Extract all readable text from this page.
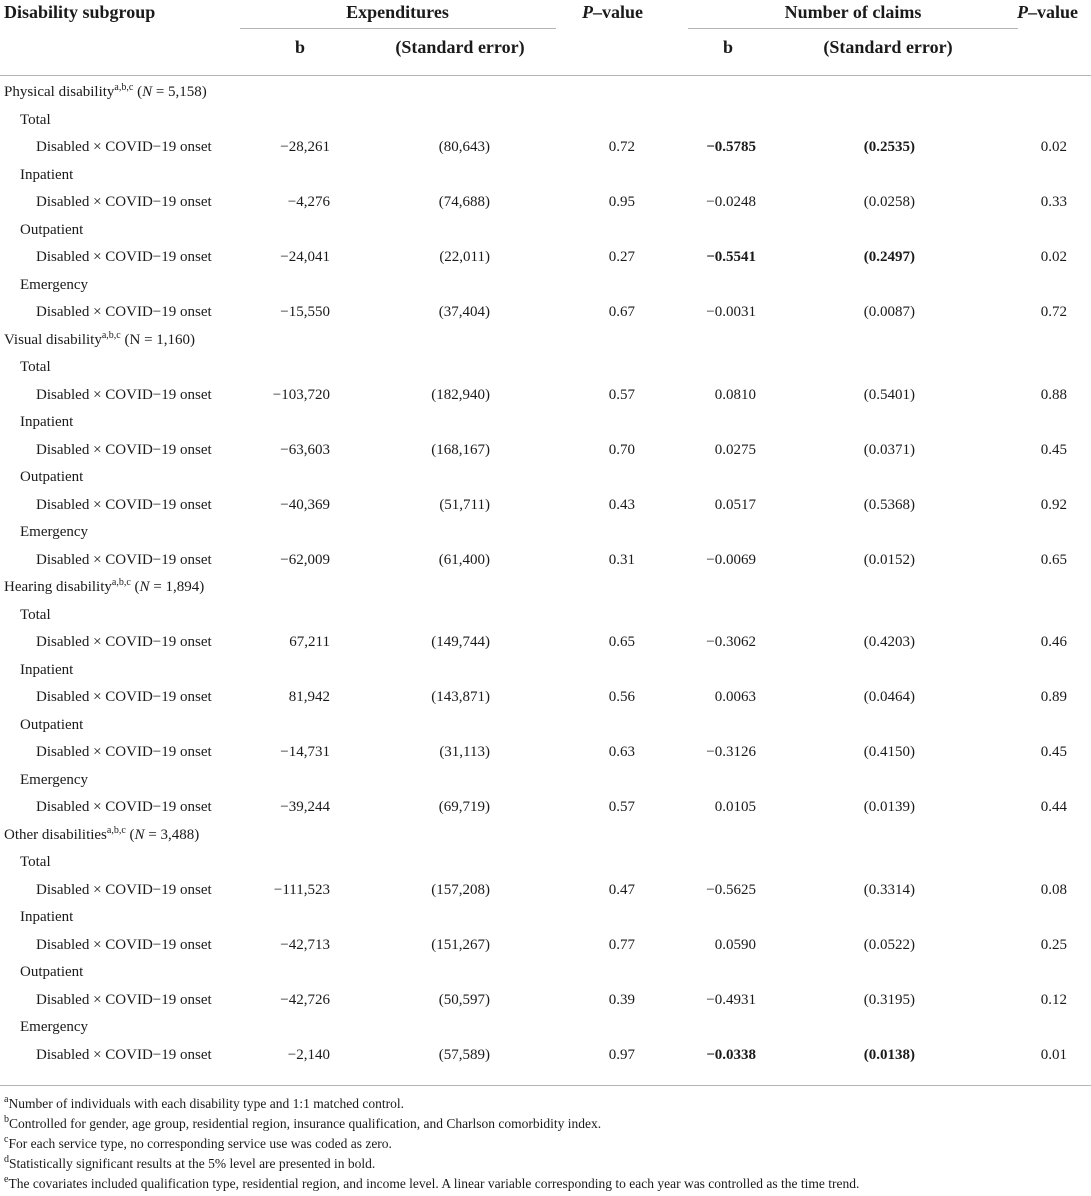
Disability subgroup	Expenditures	P–value	Number of claims	P–value
b	(Standard error)	b	(Standard error)
Physical disability$^{a,b,c}$ (N = 5,158)
Total
Disabled × COVID−19 onset	−28,261	(80,643)	0.72	−0.5785	(0.2535)	0.02
Inpatient
Disabled × COVID−19 onset	−4,276	(74,688)	0.95	−0.0248	(0.0258)	0.33
Outpatient
Disabled × COVID−19 onset	−24,041	(22,011)	0.27	−0.5541	(0.2497)	0.02
Emergency
Disabled × COVID−19 onset	−15,550	(37,404)	0.67	−0.0031	(0.0087)	0.72
Visual disability$^{a,b,c}$ (N = 1,160)
Total
Disabled × COVID−19 onset	−103,720	(182,940)	0.57	0.0810	(0.5401)	0.88
Inpatient
Disabled × COVID−19 onset	−63,603	(168,167)	0.70	0.0275	(0.0371)	0.45
Outpatient
Disabled × COVID−19 onset	−40,369	(51,711)	0.43	0.0517	(0.5368)	0.92
Emergency
Disabled × COVID−19 onset	−62,009	(61,400)	0.31	−0.0069	(0.0152)	0.65
Hearing disability$^{a,b,c}$ (N = 1,894)
Total
Disabled × COVID−19 onset	67,211	(149,744)	0.65	−0.3062	(0.4203)	0.46
Inpatient
Disabled × COVID−19 onset	81,942	(143,871)	0.56	0.0063	(0.0464)	0.89
Outpatient
Disabled × COVID−19 onset	−14,731	(31,113)	0.63	−0.3126	(0.4150)	0.45
Emergency
Disabled × COVID−19 onset	−39,244	(69,719)	0.57	0.0105	(0.0139)	0.44
Other disabilities$^{a,b,c}$ (N = 3,488)
Total
Disabled × COVID−19 onset	−111,523	(157,208)	0.47	−0.5625	(0.3314)	0.08
Inpatient
Disabled × COVID−19 onset	−42,713	(151,267)	0.77	0.0590	(0.0522)	0.25
Outpatient
Disabled × COVID−19 onset	−42,726	(50,597)	0.39	−0.4931	(0.3195)	0.12
Emergency
Disabled × COVID−19 onset	−2,140	(57,589)	0.97	−0.0338	(0.0138)	0.01
$^a$Number of individuals with each disability type and 1:1 matched control.
$^b$Controlled for gender, age group, residential region, insurance qualification, and Charlson comorbidity index.
$^c$For each service type, no corresponding service use was coded as zero.
$^d$Statistically significant results at the 5% level are presented in bold.
$^e$The covariates included qualification type, residential region, and income level. A linear variable corresponding to each year was controlled as the time trend.
